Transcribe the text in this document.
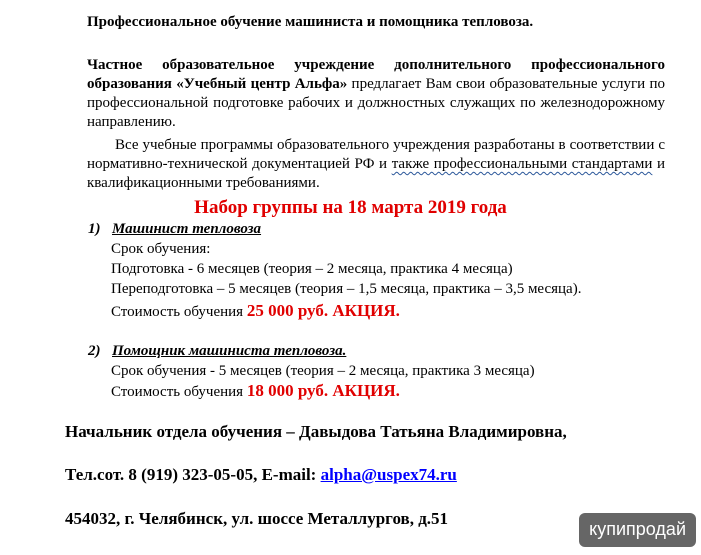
Профессиональное обучение машиниста и помощника тепловоза.
Частное образовательное учреждение дополнительного профессионального образования «Учебный центр Альфа» предлагает Вам свои образовательные услуги по профессиональной подготовке рабочих и должностных служащих по железнодорожному направлению.
Все учебные программы образовательного учреждения разработаны в соответствии с нормативно-технической документацией РФ и также профессиональными стандартами и квалификационными требованиями.
Набор группы на 18 марта 2019 года
1) Машинист тепловоза
Срок обучения:
Подготовка - 6 месяцев (теория – 2 месяца, практика 4 месяца)
Переподготовка – 5 месяцев (теория – 1,5 месяца, практика – 3,5 месяца).
Стоимость обучения 25 000 руб. АКЦИЯ.
2) Помощник машиниста тепловоза.
Срок обучения - 5 месяцев (теория – 2 месяца, практика 3 месяца)
Стоимость обучения 18 000 руб. АКЦИЯ.
Начальник отдела обучения – Давыдова Татьяна Владимировна,
Тел.сот. 8 (919) 323-05-05, E-mail: alpha@uspex74.ru
454032, г. Челябинск, ул. шоссе Металлургов, д.51
купипродай
